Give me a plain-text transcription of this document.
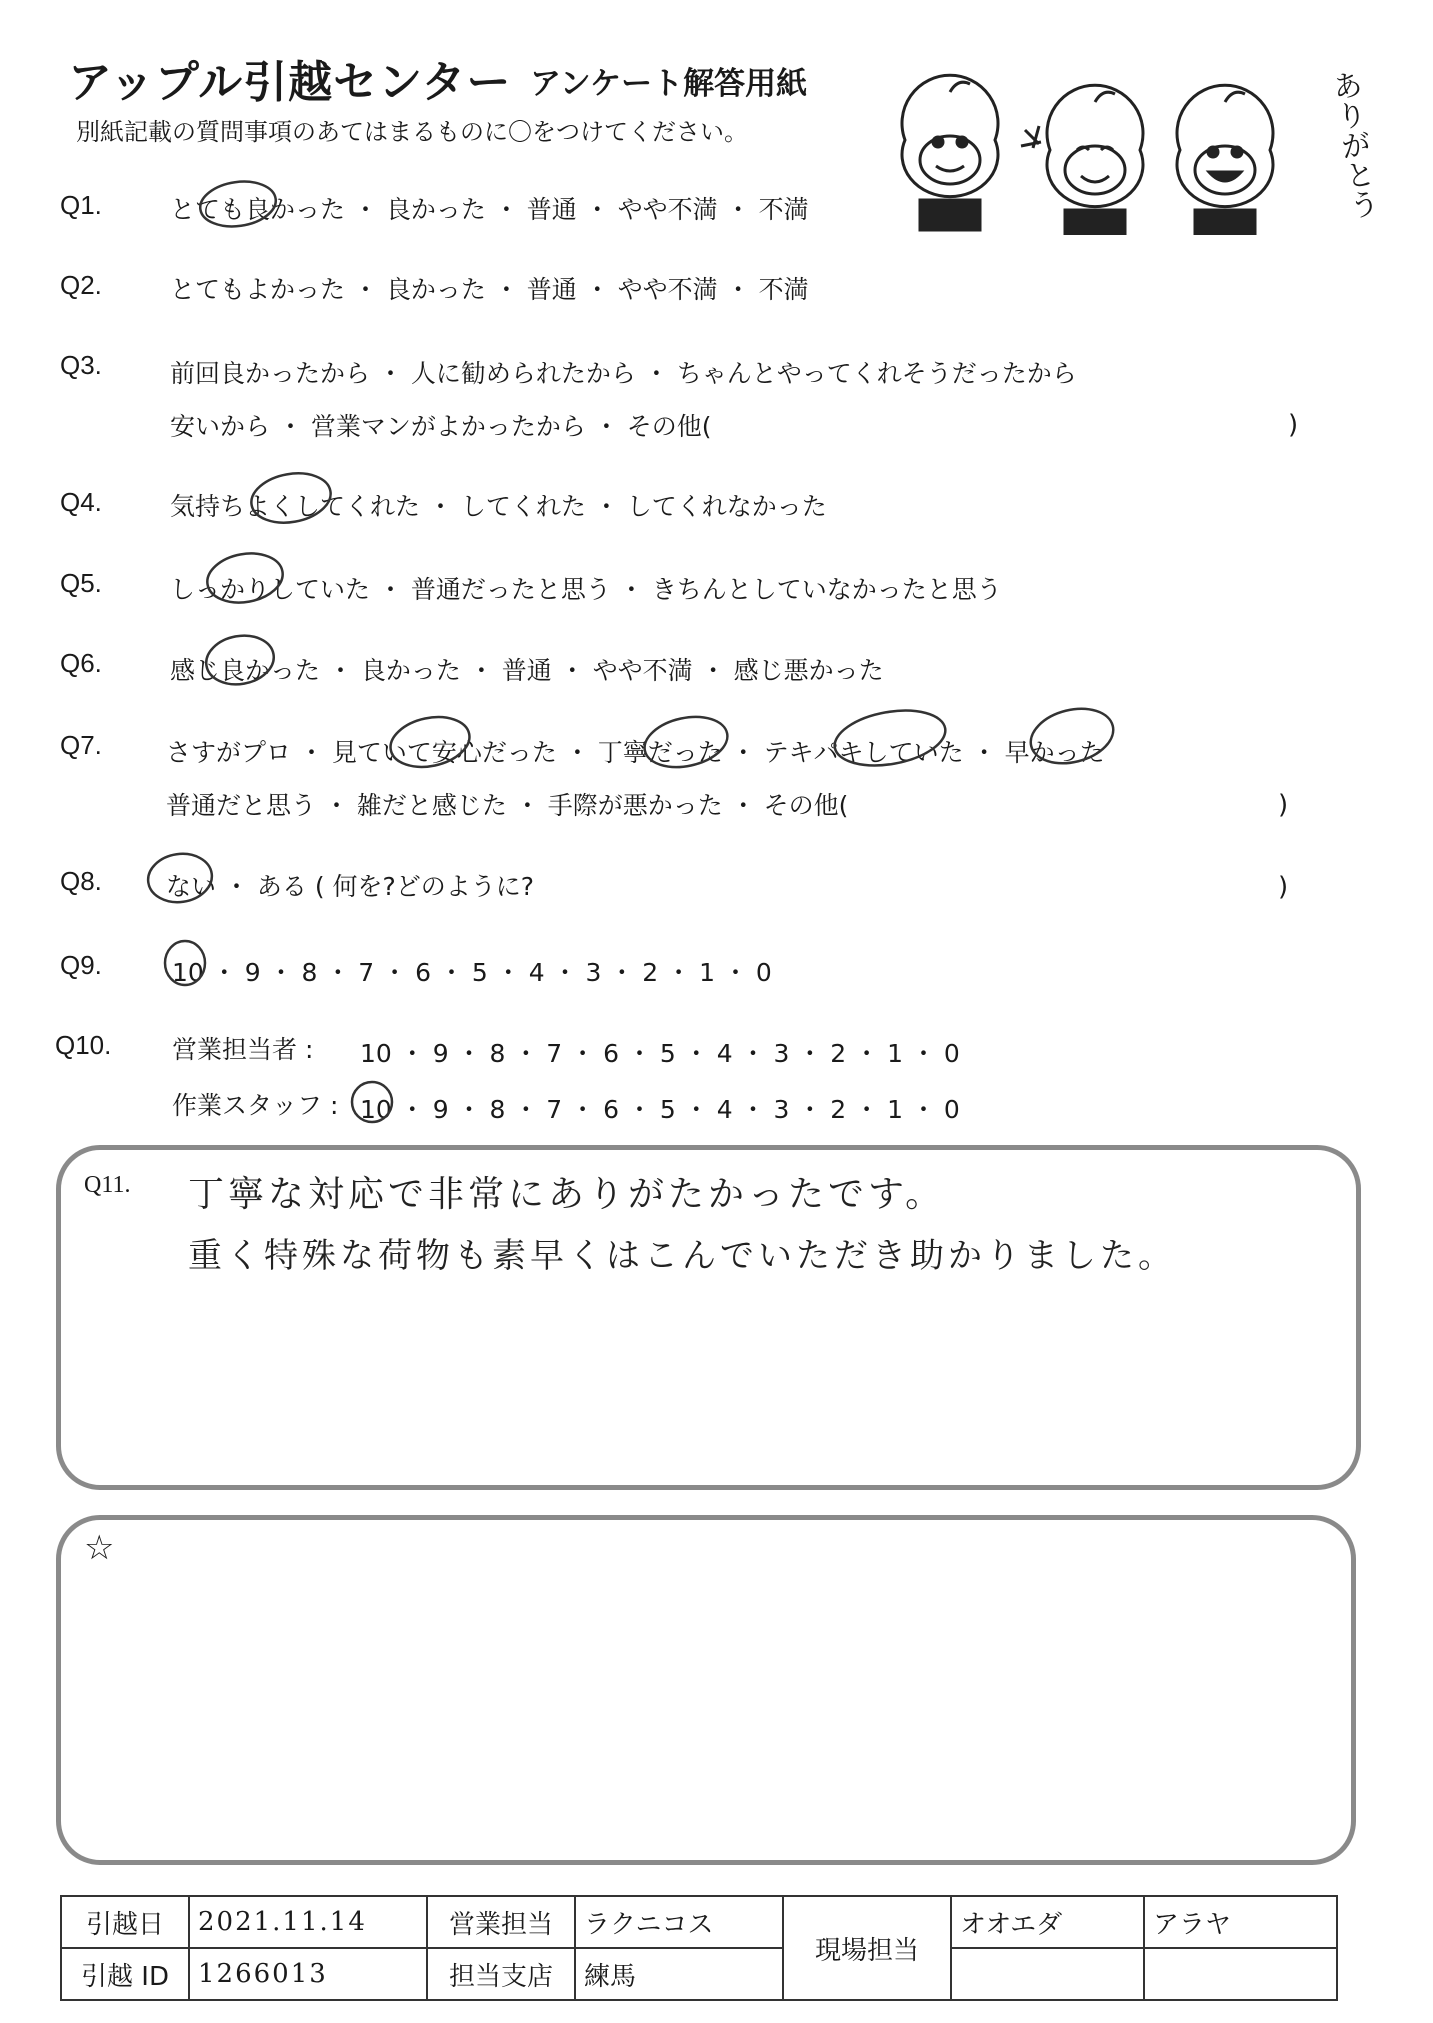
アップル引越センター アンケート解答用紙
別紙記載の質問事項のあてはまるものに〇をつけてください。	ありがとう
Q1.	とても良かった ・ 良かった ・ 普通 ・ やや不満 ・ 不満
Q2.	とてもよかった ・ 良かった ・ 普通 ・ やや不満 ・ 不満
Q3.	前回良かったから ・ 人に勧められたから ・ ちゃんとやってくれそうだったから
安いから ・ 営業マンがよかったから ・ その他(	)
Q4.	気持ちよくしてくれた ・ してくれた ・ してくれなかった
Q5.	しっかりしていた ・ 普通だったと思う ・ きちんとしていなかったと思う
Q6.	感じ良かった ・ 良かった ・ 普通 ・ やや不満 ・ 感じ悪かった
Q7.	さすがプロ ・ 見ていて安心だった ・ 丁寧だった ・ テキパキしていた ・ 早かった
普通だと思う ・ 雑だと感じた ・ 手際が悪かった ・ その他(	)
Q8.	ない ・ ある ( 何を?どのように?	)
Q9.	10 ・ 9 ・ 8 ・ 7 ・ 6 ・ 5 ・ 4 ・ 3 ・ 2 ・ 1 ・ 0
Q10. 営業担当者 : 10 ・ 9 ・ 8 ・ 7 ・ 6 ・ 5 ・ 4 ・ 3 ・ 2 ・ 1 ・ 0
作業スタッフ : 10 ・ 9 ・ 8 ・ 7 ・ 6 ・ 5 ・ 4 ・ 3 ・ 2 ・ 1 ・ 0
Q11. 丁寧な対応で非常にありがたかったです。
重く特殊な荷物も素早くはこんでいただき助かりました。
☆
引越日	2021.11.14	営業担当	ラクニコス	現場担当	オオエダ	アラヤ
引越 ID	1266013	担当支店	練馬			
